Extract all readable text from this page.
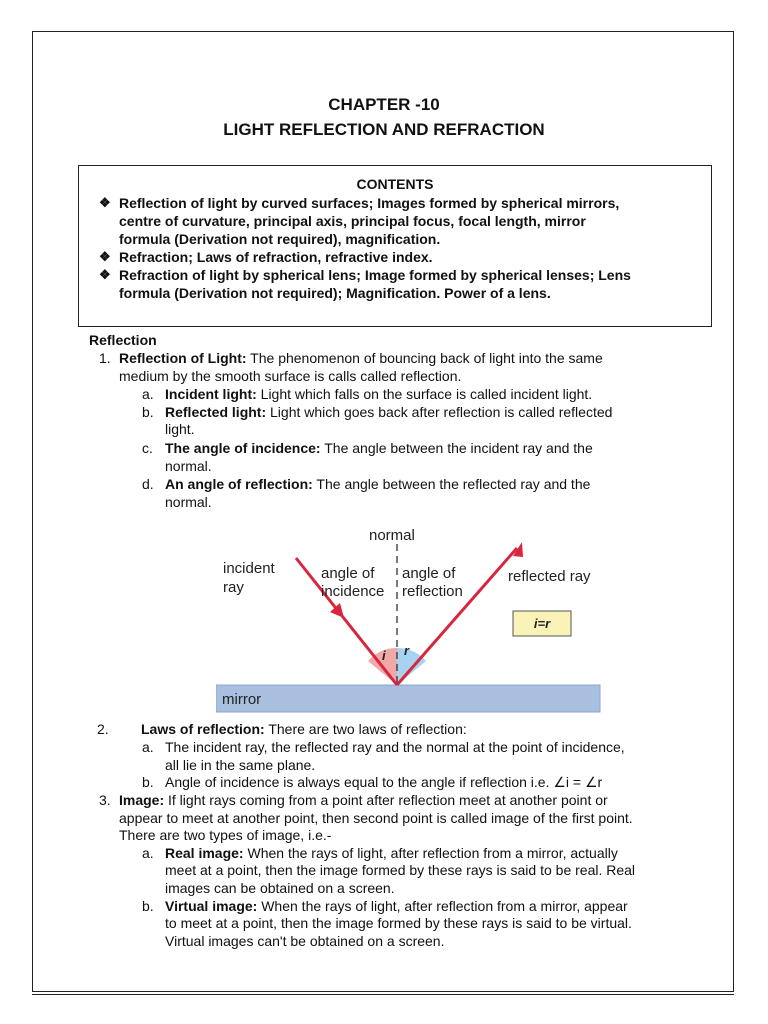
CHAPTER -10
LIGHT REFLECTION AND REFRACTION
CONTENTS
❖ Reflection of light by curved surfaces; Images formed by spherical mirrors,
centre of curvature, principal axis, principal focus, focal length, mirror
formula (Derivation not required), magnification.
❖ Refraction; Laws of refraction, refractive index.
❖ Refraction of light by spherical lens; Image formed by spherical lenses; Lens
formula (Derivation not required); Magnification. Power of a lens.
Reflection
1. Reflection of Light: The phenomenon of bouncing back of light into the same
medium by the smooth surface is calls called reflection.
a. Incident light: Light which falls on the surface is called incident light.
b. Reflected light: Light which goes back after reflection is called reflected
light.
c. The angle of incidence: The angle between the incident ray and the
normal.
d. An angle of reflection: The angle between the reflected ray and the
normal.
mirror
normal
incident
ray
angle of
incidence
angle of
reflection
reflected ray
i r
i=r
2. Laws of reflection: There are two laws of reflection:
a. The incident ray, the reflected ray and the normal at the point of incidence,
all lie in the same plane.
b. Angle of incidence is always equal to the angle if reflection i.e. ∠i = ∠r
3. Image: If light rays coming from a point after reflection meet at another point or
appear to meet at another point, then second point is called image of the first point.
There are two types of image, i.e.-
a. Real image: When the rays of light, after reflection from a mirror, actually
meet at a point, then the image formed by these rays is said to be real. Real
images can be obtained on a screen.
b. Virtual image: When the rays of light, after reflection from a mirror, appear
to meet at a point, then the image formed by these rays is said to be virtual.
Virtual images can't be obtained on a screen.
